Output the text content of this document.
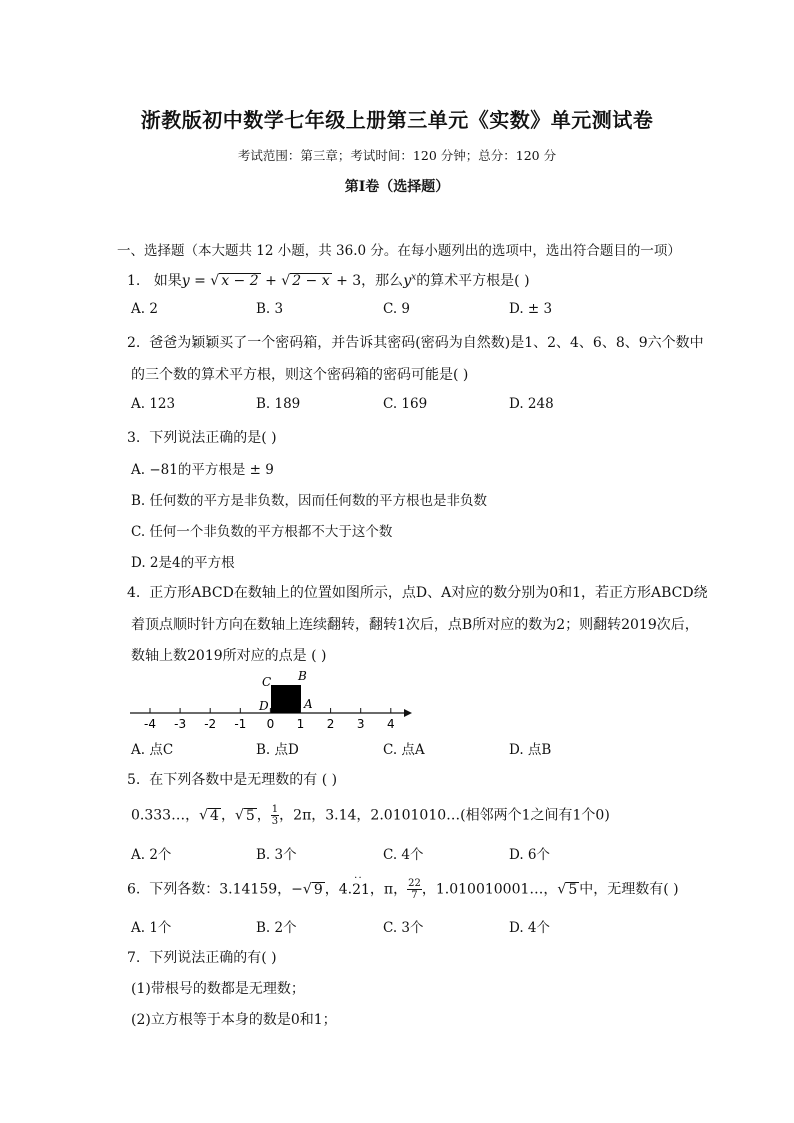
浙教版初中数学七年级上册第三单元《实数》单元测试卷
考试范围：第三章；考试时间：120 分钟；总分：120 分
第Ⅰ卷（选择题）
一、选择题（本大题共 12 小题，共 36.0 分。在每小题列出的选项中，选出符合题目的一项）
1. 如果y = √ x − 2 + √ 2 − x + 3，那么$y^x$的算术平方根是( )
A. 2	B. 3	C. 9	D. ± 3
2. 爸爸为颖颖买了一个密码箱，并告诉其密码(密码为自然数)是1、2、4、6、8、9六个数中
的三个数的算术平方根，则这个密码箱的密码可能是( )
A. 123	B. 189	C. 169	D. 248
3. 下列说法正确的是( )
A. −81的平方根是 ± 9
B. 任何数的平方是非负数，因而任何数的平方根也是非负数
C. 任何一个非负数的平方根都不大于这个数
D. 2是4的平方根
4. 正方形ABCD在数轴上的位置如图所示，点D、A对应的数分别为0和1，若正方形ABCD绕
着顶点顺时针方向在数轴上连续翻转，翻转1次后，点B所对应的数为2；则翻转2019次后，
数轴上数2019所对应的点是 ( )
-4 -3 -2 -1 0 1 2 3 4
C B
D	A
A. 点C	B. 点D	C. 点A	D. 点B
5. 在下列各数中是无理数的有 ( )
0.333…，√ 4 ，√ 5 ， $\frac{1}{3}$ ，2π，3.14，2.0101010…(相邻两个1之间有1个0)
A. 2个	B. 3个	C. 4个	D. 6个
6. 下列各数：3.14159，−√ 9 ，4.· · 21，π， $\frac{22}{7}$ ，1.010010001…，√ 5 中，无理数有( )
A. 1个	B. 2个	C. 3个	D. 4个
7. 下列说法正确的有( )
(1)带根号的数都是无理数；
(2)立方根等于本身的数是0和1；
